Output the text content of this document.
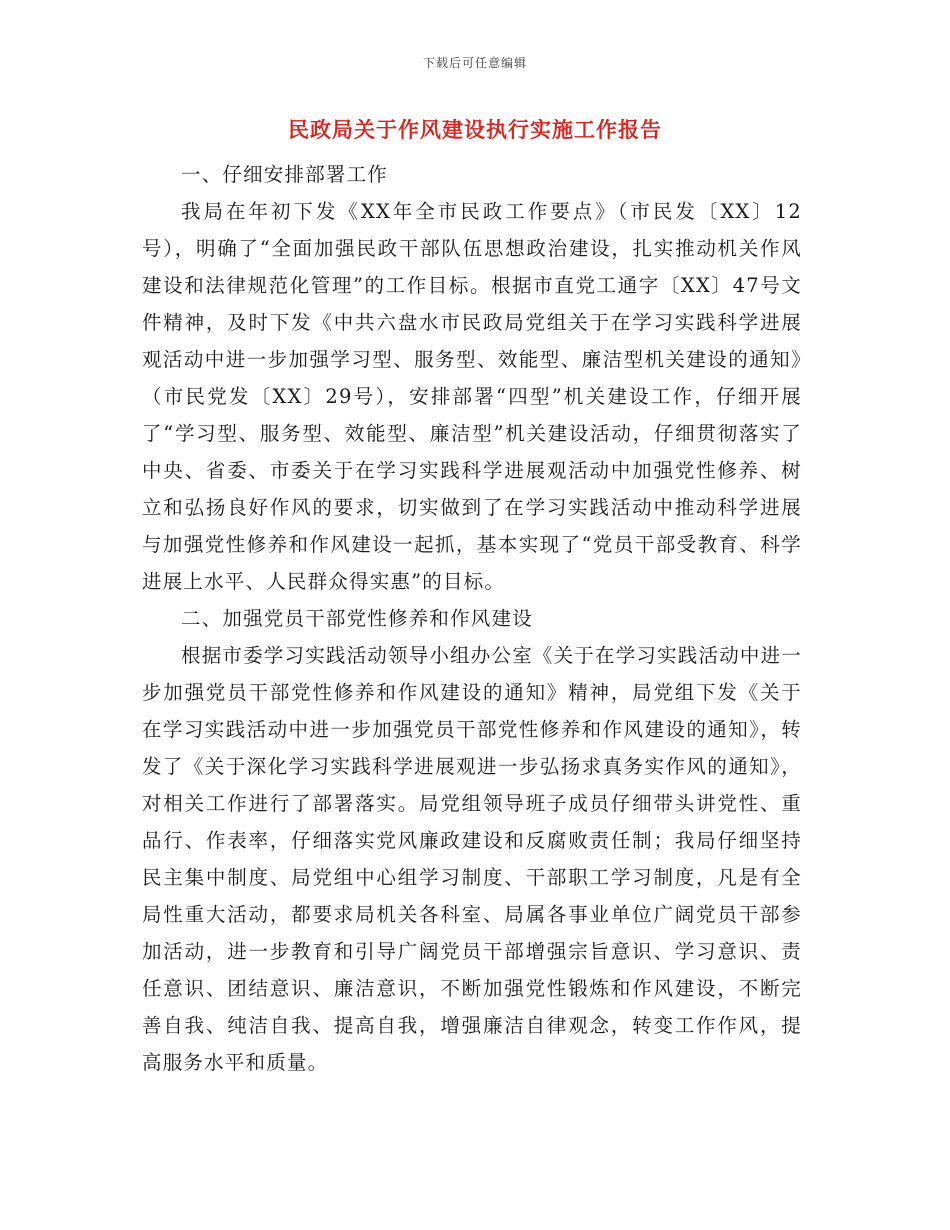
下载后可任意编辑
民政局关于作风建设执行实施工作报告

一、仔细安排部署工作

我局在年初下发《XX年全市民政工作要点》（市民发〔XX〕12号），明确了“全面加强民政干部队伍思想政治建设，扎实推动机关作风建设和法律规范化管理”的工作目标。根据市直党工通字〔XX〕47号文件精神，及时下发《中共六盘水市民政局党组关于在学习实践科学进展观活动中进一步加强学习型、服务型、效能型、廉洁型机关建设的通知》（市民党发〔XX〕29号），安排部署“四型”机关建设工作，仔细开展了“学习型、服务型、效能型、廉洁型”机关建设活动，仔细贯彻落实了中央、省委、市委关于在学习实践科学进展观活动中加强党性修养、树立和弘扬良好作风的要求，切实做到了在学习实践活动中推动科学进展与加强党性修养和作风建设一起抓，基本实现了“党员干部受教育、科学进展上水平、人民群众得实惠”的目标。

二、加强党员干部党性修养和作风建设

根据市委学习实践活动领导小组办公室《关于在学习实践活动中进一步加强党员干部党性修养和作风建设的通知》精神，局党组下发《关于在学习实践活动中进一步加强党员干部党性修养和作风建设的通知》，转发了《关于深化学习实践科学进展观进一步弘扬求真务实作风的通知》，对相关工作进行了部署落实。局党组领导班子成员仔细带头讲党性、重品行、作表率，仔细落实党风廉政建设和反腐败责任制；我局仔细坚持民主集中制度、局党组中心组学习制度、干部职工学习制度，凡是有全局性重大活动，都要求局机关各科室、局属各事业单位广阔党员干部参加活动，进一步教育和引导广阔党员干部增强宗旨意识、学习意识、责任意识、团结意识、廉洁意识，不断加强党性锻炼和作风建设，不断完善自我、纯洁自我、提高自我，增强廉洁自律观念，转变工作作风，提高服务水平和质量。
